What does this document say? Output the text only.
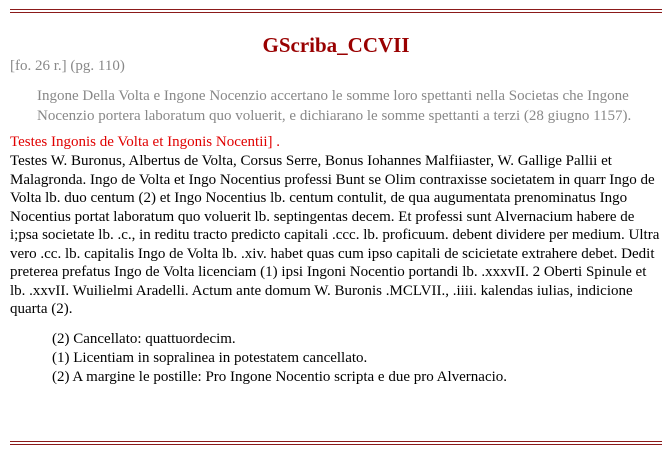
GScriba_CCVII
[fo. 26 r.] (pg. 110)

Ingone Della Volta e Ingone Nocenzio accertano le somme loro spettanti nella Societas che Ingone Nocenzio portera laboratum quo voluerit, e dichiarano le somme spettanti a terzi (28 giugno 1157).

Testes Ingonis de Volta et Ingonis Nocentii] .

Testes W. Buronus, Albertus de Volta, Corsus Serre, Bonus Iohannes Malfiiaster, W. Gallige Pallii et Malagronda. Ingo de Volta et Ingo Nocentius professi Bunt se Olim contraxisse societatem in quarr Ingo de Volta lb. duo centum (2) et Ingo Nocentius lb. centum contulit, de qua augumentata prenominatus Ingo Nocentius portat laboratum quo voluerit lb. septingentas decem. Et professi sunt Alvernacium habere de i;psa societate lb. .c., in reditu tracto predicto capitali .ccc. lb. proficuum. debent dividere per medium. Ultra vero .cc. lb. capitalis Ingo de Volta lb. .xiv. habet quas cum ipso capitali de scicietate extrahere debet. Dedit preterea prefatus Ingo de Volta licenciam (1) ipsi Ingoni Nocentio portandi lb. .xxxvII. 2 Oberti Spinule et lb. .xxvII. Wuilielmi Aradelli. Actum ante domum W. Buronis .MCLVII., .iiii. kalendas iulias, indicione quarta (2).

(2) Cancellato: quattuordecim.
(1) Licentiam in sopralinea in potestatem cancellato.
(2) A margine le postille: Pro Ingone Nocentio scripta e due pro Alvernacio.
